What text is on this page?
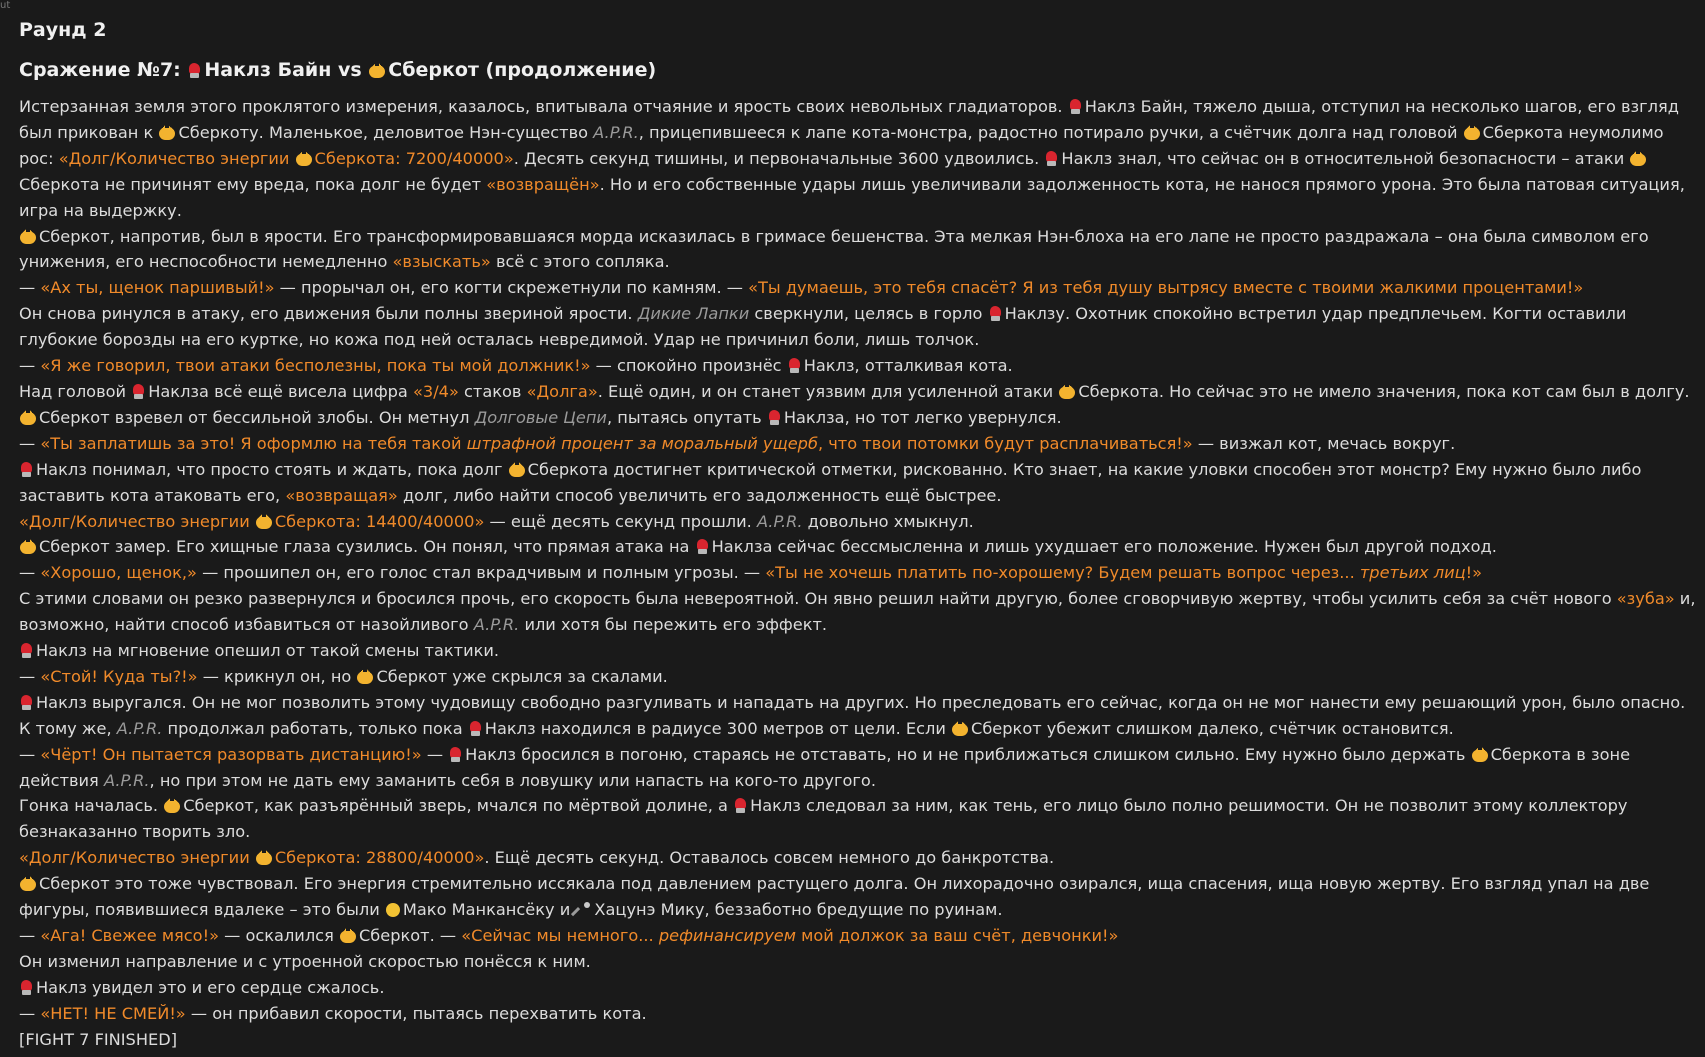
ut
Раунд 2
Сражение №7: Наклз Байн vs Сберкот (продолжение)

Истерзанная земля этого проклятого измерения, казалось, впитывала отчаяние и ярость своих невольных гладиаторов. Наклз Байн, тяжело дыша, отступил на несколько шагов, его взгляд был прикован к Сберкоту. Маленькое, деловитое Нэн-существо A.P.R., прицепившееся к лапе кота-монстра, радостно потирало ручки, а счётчик долга над головой Сберкота неумолимо рос: «Долг/Количество энергии Сберкота: 7200/40000». Десять секунд тишины, и первоначальные 3600 удвоились. Наклз знал, что сейчас он в относительной безопасности – атаки Сберкота не причинят ему вреда, пока долг не будет «возвращён». Но и его собственные удары лишь увеличивали задолженность кота, не нанося прямого урона. Это была патовая ситуация, игра на выдержку.

Сберкот, напротив, был в ярости. Его трансформировавшаяся морда исказилась в гримасе бешенства. Эта мелкая Нэн-блоха на его лапе не просто раздражала – она была символом его унижения, его неспособности немедленно «взыскать» всё с этого сопляка.

— «Ах ты, щенок паршивый!» — прорычал он, его когти скрежетнули по камням. — «Ты думаешь, это тебя спасёт? Я из тебя душу вытрясу вместе с твоими жалкими процентами!»

Он снова ринулся в атаку, его движения были полны звериной ярости. Дикие Лапки сверкнули, целясь в горло Наклзу. Охотник спокойно встретил удар предплечьем. Когти оставили глубокие борозды на его куртке, но кожа под ней осталась невредимой. Удар не причинил боли, лишь толчок.

— «Я же говорил, твои атаки бесполезны, пока ты мой должник!» — спокойно произнёс Наклз, отталкивая кота.

Над головой Наклза всё ещё висела цифра «3/4» стаков «Долга». Ещё один, и он станет уязвим для усиленной атаки Сберкота. Но сейчас это не имело значения, пока кот сам был в долгу.

Сберкот взревел от бессильной злобы. Он метнул Долговые Цепи, пытаясь опутать Наклза, но тот легко увернулся.

— «Ты заплатишь за это! Я оформлю на тебя такой штрафной процент за моральный ущерб, что твои потомки будут расплачиваться!» — визжал кот, мечась вокруг.

Наклз понимал, что просто стоять и ждать, пока долг Сберкота достигнет критической отметки, рискованно. Кто знает, на какие уловки способен этот монстр? Ему нужно было либо заставить кота атаковать его, «возвращая» долг, либо найти способ увеличить его задолженность ещё быстрее.

«Долг/Количество энергии Сберкота: 14400/40000» — ещё десять секунд прошли. A.P.R. довольно хмыкнул.

Сберкот замер. Его хищные глаза сузились. Он понял, что прямая атака на Наклза сейчас бессмысленна и лишь ухудшает его положение. Нужен был другой подход.

— «Хорошо, щенок,» — прошипел он, его голос стал вкрадчивым и полным угрозы. — «Ты не хочешь платить по-хорошему? Будем решать вопрос через... третьих лиц!»

С этими словами он резко развернулся и бросился прочь, его скорость была невероятной. Он явно решил найти другую, более сговорчивую жертву, чтобы усилить себя за счёт нового «зуба» и, возможно, найти способ избавиться от назойливого A.P.R. или хотя бы пережить его эффект.

Наклз на мгновение опешил от такой смены тактики.

— «Стой! Куда ты?!» — крикнул он, но Сберкот уже скрылся за скалами.

Наклз выругался. Он не мог позволить этому чудовищу свободно разгуливать и нападать на других. Но преследовать его сейчас, когда он не мог нанести ему решающий урон, было опасно. К тому же, A.P.R. продолжал работать, только пока Наклз находился в радиусе 300 метров от цели. Если Сберкот убежит слишком далеко, счётчик остановится.

— «Чёрт! Он пытается разорвать дистанцию!» — Наклз бросился в погоню, стараясь не отставать, но и не приближаться слишком сильно. Ему нужно было держать Сберкота в зоне действия A.P.R., но при этом не дать ему заманить себя в ловушку или напасть на кого-то другого.

Гонка началась. Сберкот, как разъярённый зверь, мчался по мёртвой долине, а Наклз следовал за ним, как тень, его лицо было полно решимости. Он не позволит этому коллектору безнаказанно творить зло.

«Долг/Количество энергии Сберкота: 28800/40000». Ещё десять секунд. Оставалось совсем немного до банкротства.

Сберкот это тоже чувствовал. Его энергия стремительно иссякала под давлением растущего долга. Он лихорадочно озирался, ища спасения, ища новую жертву. Его взгляд упал на две фигуры, появившиеся вдалеке – это были Мако Манкансёку и Хацунэ Мику, беззаботно бредущие по руинам.

— «Ага! Свежее мясо!» — оскалился Сберкот. — «Сейчас мы немного... рефинансируем мой должок за ваш счёт, девчонки!»

Он изменил направление и с утроенной скоростью понёсся к ним.

Наклз увидел это и его сердце сжалось.

— «НЕТ! НЕ СМЕЙ!» — он прибавил скорости, пытаясь перехватить кота.

[FIGHT 7 FINISHED]
